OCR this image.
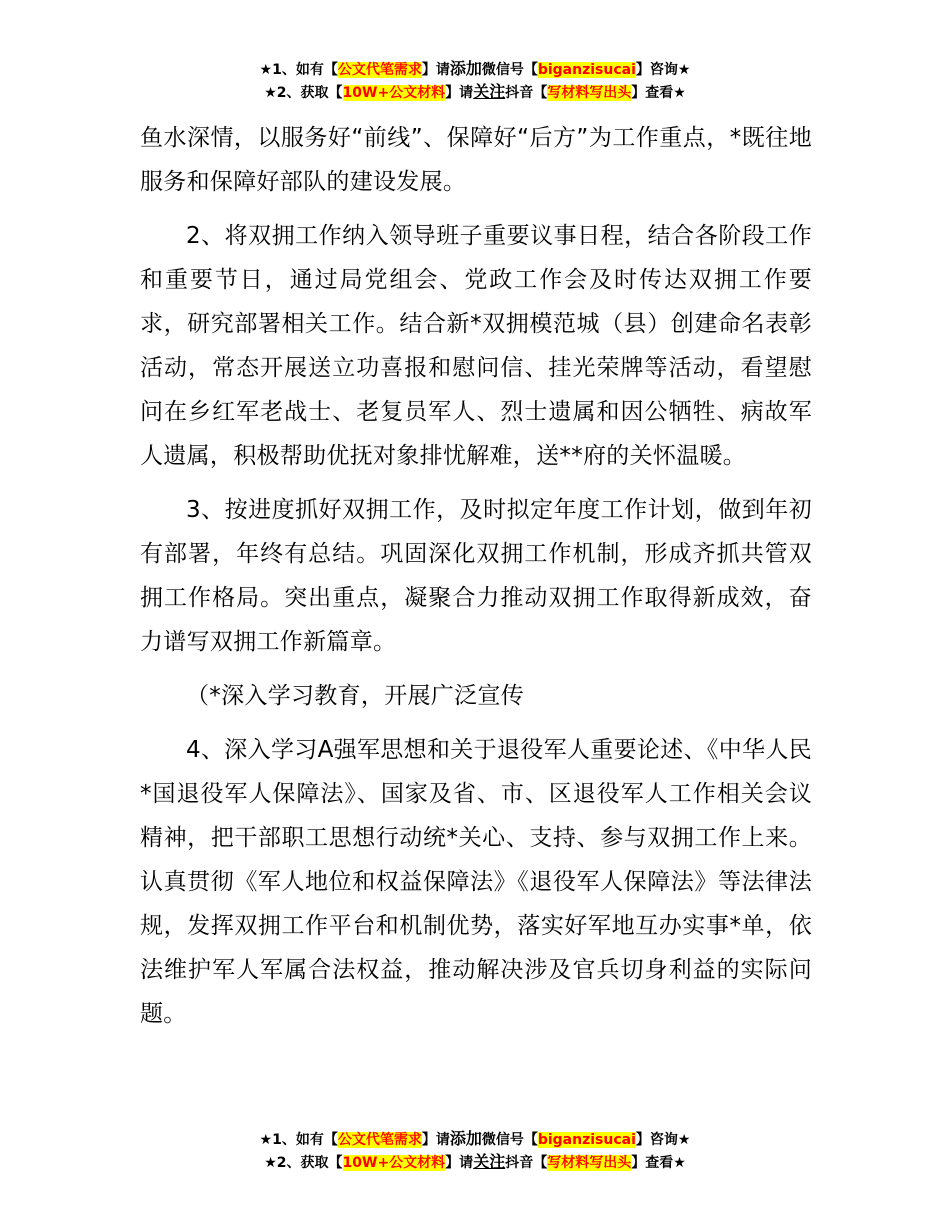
★1、如有【公文代笔需求】请添加微信号【biganzisucai】咨询★
★2、获取【10W+公文材料】请关注抖音【写材料写出头】查看★

鱼水深情，以服务好“前线”、保障好“后方”为工作重点，*既往地服务和保障好部队的建设发展。

2、将双拥工作纳入领导班子重要议事日程，结合各阶段工作和重要节日，通过局党组会、党政工作会及时传达双拥工作要求，研究部署相关工作。结合新*双拥模范城（县）创建命名表彰活动，常态开展送立功喜报和慰问信、挂光荣牌等活动，看望慰问在乡红军老战士、老复员军人、烈士遗属和因公牺牲、病故军人遗属，积极帮助优抚对象排忧解难，送**府的关怀温暖。

3、按进度抓好双拥工作，及时拟定年度工作计划，做到年初有部署，年终有总结。巩固深化双拥工作机制，形成齐抓共管双拥工作格局。突出重点，凝聚合力推动双拥工作取得新成效，奋力谱写双拥工作新篇章。

（*深入学习教育，开展广泛宣传

4、深入学习A强军思想和关于退役军人重要论述、《中华人民*国退役军人保障法》、国家及省、市、区退役军人工作相关会议精神，把干部职工思想行动统*关心、支持、参与双拥工作上来。认真贯彻《军人地位和权益保障法》《退役军人保障法》等法律法规，发挥双拥工作平台和机制优势，落实好军地互办实事*单，依法维护军人军属合法权益，推动解决涉及官兵切身利益的实际问题。

★1、如有【公文代笔需求】请添加微信号【biganzisucai】咨询★
★2、获取【10W+公文材料】请关注抖音【写材料写出头】查看★
